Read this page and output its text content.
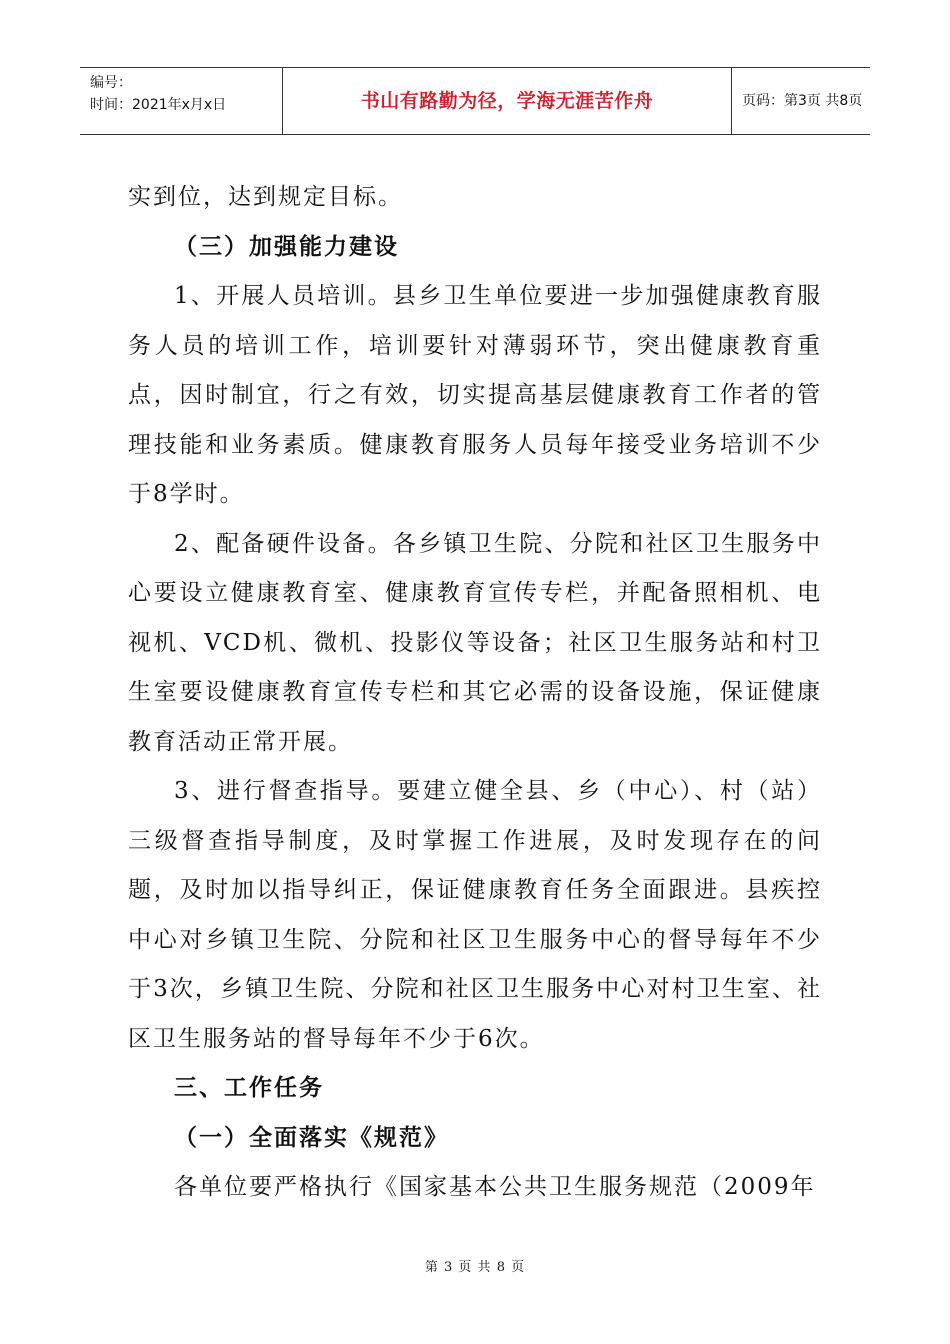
编号：
时间：2021年x月x日	书山有路勤为径，学海无涯苦作舟	页码：第3页 共8页

实到位，达到规定目标。

（三）加强能力建设

1、开展人员培训。县乡卫生单位要进一步加强健康教育服务人员的培训工作，培训要针对薄弱环节，突出健康教育重点，因时制宜，行之有效，切实提高基层健康教育工作者的管理技能和业务素质。健康教育服务人员每年接受业务培训不少于8学时。

2、配备硬件设备。各乡镇卫生院、分院和社区卫生服务中心要设立健康教育室、健康教育宣传专栏，并配备照相机、电视机、VCD机、微机、投影仪等设备；社区卫生服务站和村卫生室要设健康教育宣传专栏和其它必需的设备设施，保证健康教育活动正常开展。

3、进行督查指导。要建立健全县、乡（中心）、村（站）三级督查指导制度，及时掌握工作进展，及时发现存在的问题，及时加以指导纠正，保证健康教育任务全面跟进。县疾控中心对乡镇卫生院、分院和社区卫生服务中心的督导每年不少于3次，乡镇卫生院、分院和社区卫生服务中心对村卫生室、社区卫生服务站的督导每年不少于6次。

三、工作任务

（一）全面落实《规范》

各单位要严格执行《国家基本公共卫生服务规范（2009年

第 3 页 共 8 页
